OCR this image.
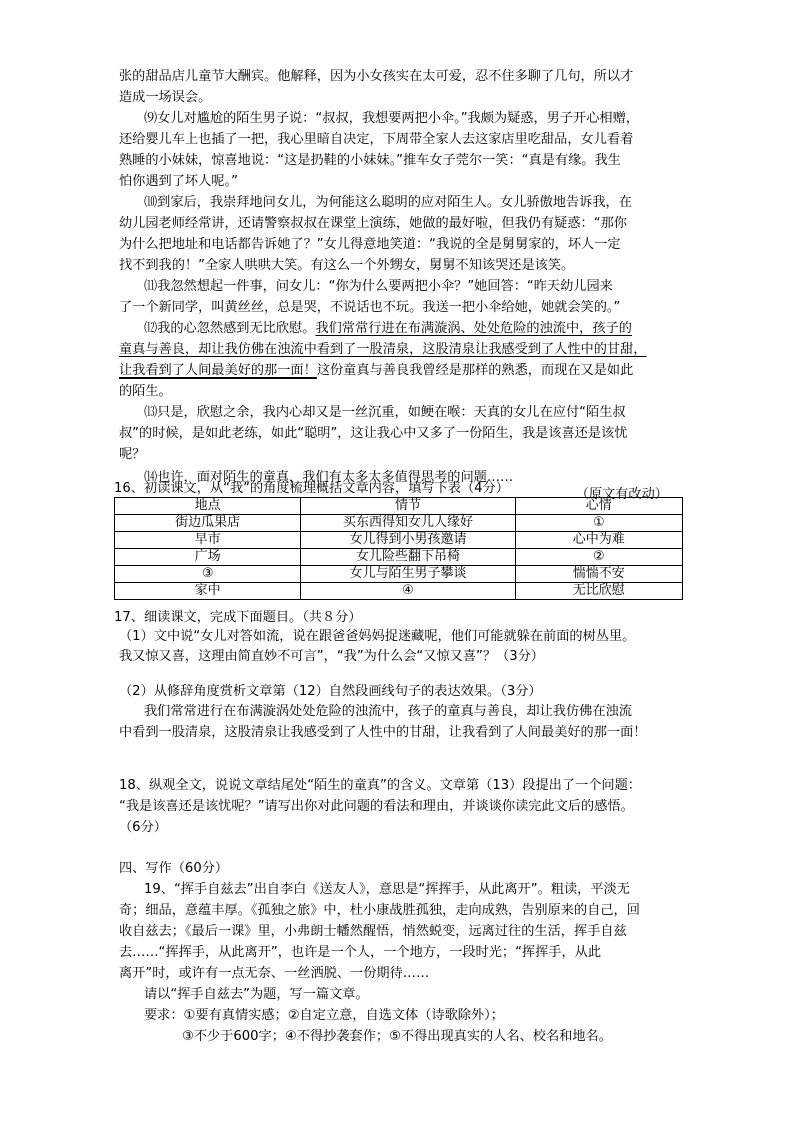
张的甜品店儿童节大酬宾。他解释，因为小女孩实在太可爱，忍不住多聊了几句，所以才
造成一场误会。
⑼女儿对尴尬的陌生男子说：“叔叔，我想要两把小伞。”我颇为疑惑，男子开心相赠，
还给婴儿车上也插了一把，我心里暗自决定，下周带全家人去这家店里吃甜品，女儿看着
熟睡的小妹妹，惊喜地说：“这是扔鞋的小妹妹。”推车女子莞尔一笑：“真是有缘。我生
怕你遇到了坏人呢。”
⑽到家后，我崇拜地问女儿，为何能这么聪明的应对陌生人。女儿骄傲地告诉我，在
幼儿园老师经常讲，还请警察叔叔在课堂上演练，她做的最好啦，但我仍有疑惑：“那你
为什么把地址和电话都告诉她了？”女儿得意地笑道：“我说的全是舅舅家的，坏人一定
找不到我的！”全家人哄哄大笑。有这么一个外甥女，舅舅不知该哭还是该笑。
⑾我忽然想起一件事，问女儿：“你为什么要两把小伞？”她回答：“昨天幼儿园来
了一个新同学，叫黄丝丝，总是哭，不说话也不玩。我送一把小伞给她，她就会笑的。”
⑿我的心忽然感到无比欣慰。我们常常行进在布满漩涡、处处危险的浊流中，孩子的
童真与善良，却让我仿佛在浊流中看到了一股清泉，这股清泉让我感受到了人性中的甘甜，
让我看到了人间最美好的那一面！这份童真与善良我曾经是那样的熟悉，而现在又是如此
的陌生。
⒀只是，欣慰之余，我内心却又是一丝沉重，如鲠在喉：天真的女儿在应付“陌生叔
叔”的时候，是如此老练，如此“聪明”，这让我心中又多了一份陌生，我是该喜还是该忧
呢？
⒁也许，面对陌生的童真，我们有太多太多值得思考的问题……
（原文有改动）
16、初读课文，从“我”的角度梳理概括文章内容，填写下表（4分）
地点	情节	心情
街边瓜果店	买东西得知女儿人缘好	①
早市	女儿得到小男孩邀请	心中为难
广场	女儿险些翻下吊椅	②
③	女儿与陌生男子攀谈	惴惴不安
家中	④	无比欣慰
17、细读课文，完成下面题目。（共８分）
（1）文中说“女儿对答如流，说在跟爸爸妈妈捉迷藏呢，他们可能就躲在前面的树丛里。
我又惊又喜，这理由简直妙不可言”，“我”为什么会“又惊又喜”？（3分）
（2）从修辞角度赏析文章第（12）自然段画线句子的表达效果。（3分）
我们常常进行在布满漩涡处处危险的浊流中，孩子的童真与善良，却让我仿佛在浊流
中看到一股清泉，这股清泉让我感受到了人性中的甘甜，让我看到了人间最美好的那一面！
18、纵观全文，说说文章结尾处“陌生的童真”的含义。文章第（13）段提出了一个问题：
“我是该喜还是该忧呢？”请写出你对此问题的看法和理由，并谈谈你读完此文后的感悟。
（6分）
四、写作（60分）
19、“挥手自兹去”出自李白《送友人》，意思是“挥挥手，从此离开”。粗读，平淡无
奇；细品，意蕴丰厚。《孤独之旅》中，杜小康战胜孤独，走向成熟，告别原来的自己，回
收自兹去；《最后一课》里，小弗朗士幡然醒悟，悄然蜕变，远离过往的生活，挥手自兹
去……“挥挥手，从此离开”，也许是一个人，一个地方，一段时光；“挥挥手，从此
离开”时，或许有一点无奈、一丝洒脱、一份期待……
请以“挥手自兹去”为题，写一篇文章。
要求：①要有真情实感；②自定立意，自选文体（诗歌除外）；
③不少于600字；④不得抄袭套作；⑤不得出现真实的人名、校名和地名。
